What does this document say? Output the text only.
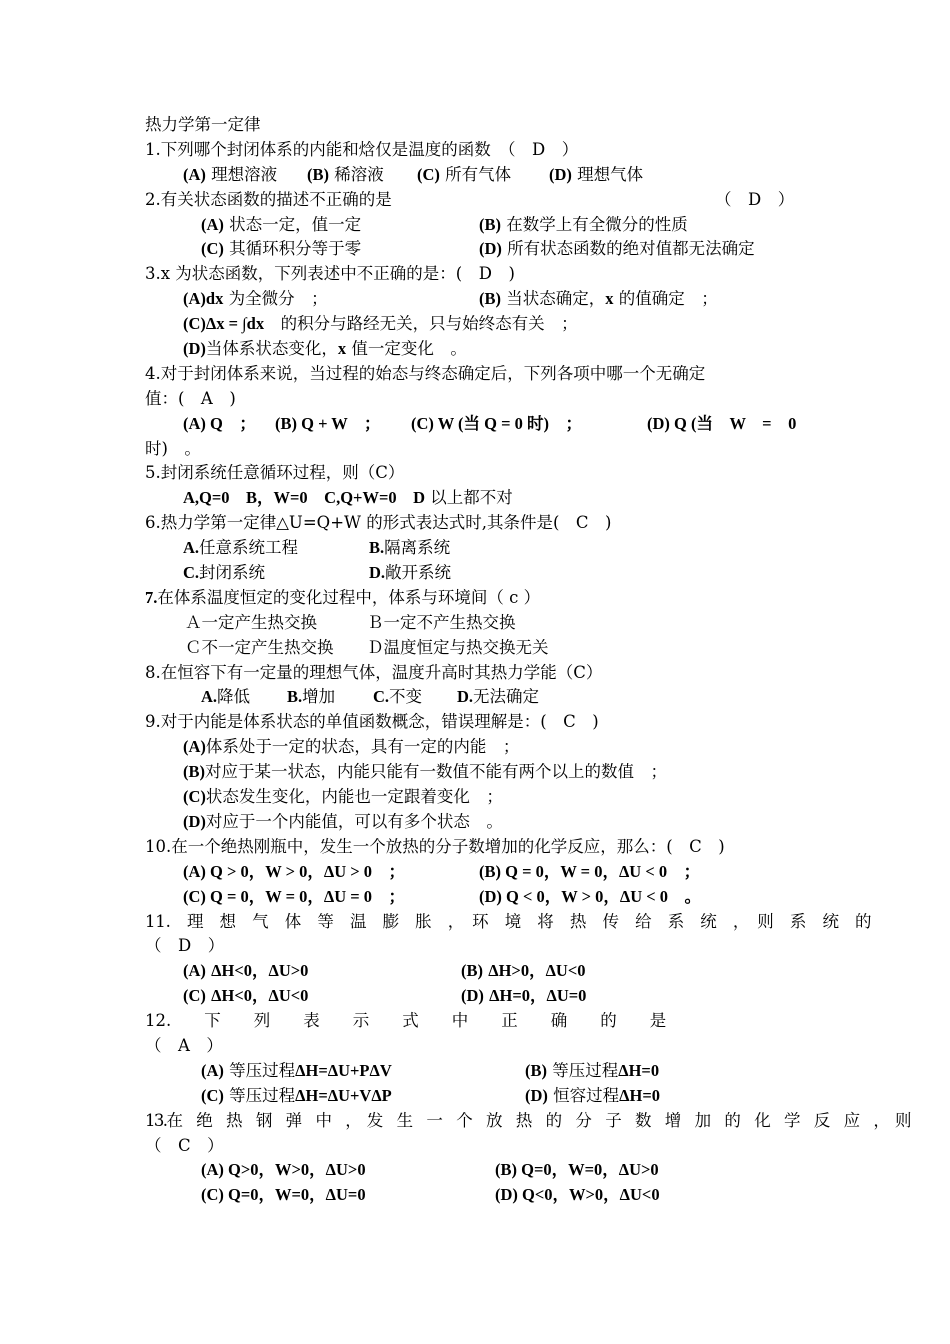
热力学第一定律
1.下列哪个封闭体系的内能和焓仅是温度的函数　（　D　）
(A) 理想溶液 (B) 稀溶液 (C) 所有气体 (D) 理想气体
2.有关状态函数的描述不正确的是	（　D　）
(A) 状态一定，值一定	(B) 在数学上有全微分的性质
(C) 其循环积分等于零	(D) 所有状态函数的绝对值都无法确定
3.x 为状态函数，下列表述中不正确的是：(　D　)
(A)dx 为全微分　；	(B) 当状态确定，x 的值确定　；
(C)Δx = ∫dx　 的积分与路经无关，只与始终态有关　；
(D)当体系状态变化，x 值一定变化　。
4.对于封闭体系来说，当过程的始态与终态确定后，下列各项中哪一个无确定
值：(　A　)
(A) Q　； (B) Q + W　； (C) W (当 Q = 0 时)　；	(D) Q (当　W　=　0
时)　。
5.封闭系统任意循环过程，则（C）
A,Q=0　B，W=0　C,Q+W=0　D 以上都不对
6.热力学第一定律△U=Q+W 的形式表达式时,其条件是(　C　)
A.任意系统工程	B.隔离系统
C.封闭系统	D.敞开系统
7.在体系温度恒定的变化过程中，体系与环境间（ c ）
Ａ一定产生热交换	Ｂ一定不产生热交换
Ｃ不一定产生热交换 Ｄ温度恒定与热交换无关
8.在恒容下有一定量的理想气体，温度升高时其热力学能（C）
A.降低 B.增加 C.不变 D.无法确定
9.对于内能是体系状态的单值函数概念，错误理解是：(　C　)
(A)体系处于一定的状态，具有一定的内能　；
(B)对应于某一状态，内能只能有一数值不能有两个以上的数值　；
(C)状态发生变化，内能也一定跟着变化　；
(D)对应于一个内能值，可以有多个状态　。
10.在一个绝热刚瓶中，发生一个放热的分子数增加的化学反应，那么：(　C　)
(A) Q > 0，W > 0，ΔU > 0　；	(B) Q = 0，W = 0，ΔU < 0　；
(C) Q = 0，W = 0，ΔU = 0　；	(D) Q < 0，W > 0，ΔU < 0　。
11.　理　想　气　体　等　温　膨　胀　，　环　境　将　热　传　给　系　统　，　则　系　统　的
（　D　）
(A) ΔH<0，ΔU>0	(B) ΔH>0，ΔU<0
(C) ΔH<0，ΔU<0	(D) ΔH=0，ΔU=0
12.　　下　　列　　表　　示　　式　　中　　正　　确　　的　　是
（　A　）
(A) 等压过程ΔH=ΔU+PΔV	(B) 等压过程ΔH=0
(C) 等压过程ΔH=ΔU+VΔP	(D) 恒容过程ΔH=0
13.在　绝　热　钢　弹　中　，　发　生　一　个　放　热　的　分　子　数　增　加　的　化　学　反　应　，　则
（　C　）
(A) Q>0，W>0，ΔU>0	(B) Q=0，W=0，ΔU>0
(C) Q=0，W=0，ΔU=0	(D) Q<0，W>0，ΔU<0
